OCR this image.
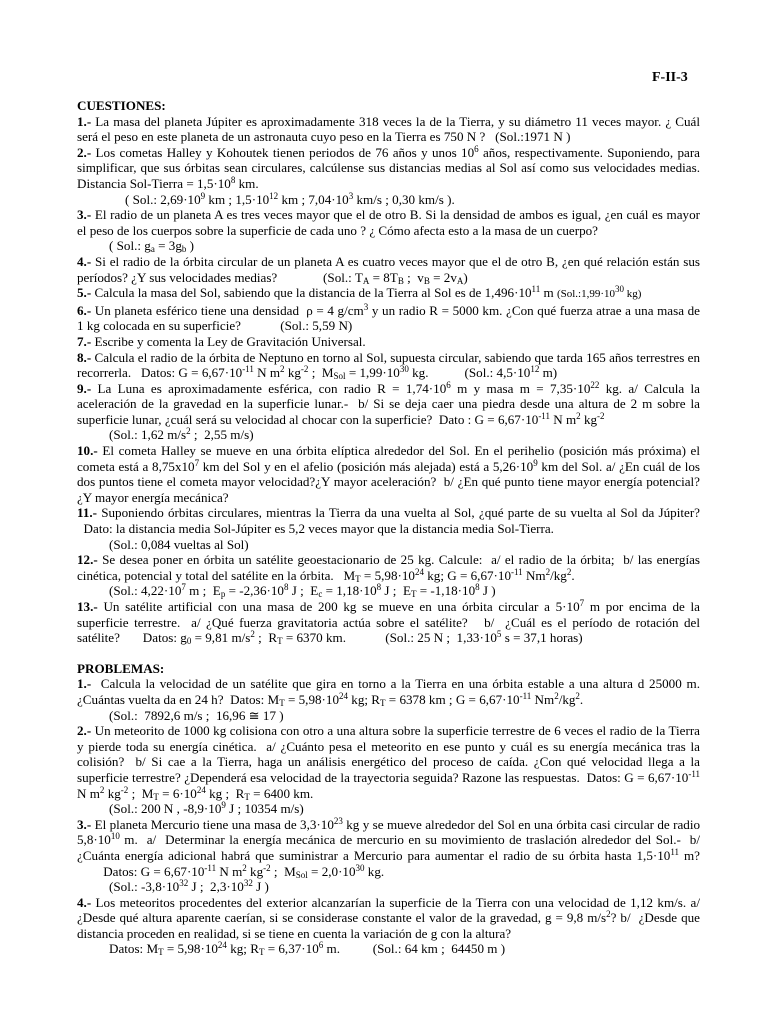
F-II-3
CUESTIONES:
1.- La masa del planeta Júpiter es aproximadamente 318 veces la de la Tierra, y su diámetro 11 veces mayor. ¿ Cuál será el peso en este planeta de un astronauta cuyo peso en la Tierra es 750 N ?   (Sol.:1971 N )
2.- Los cometas Halley y Kohoutek tienen periodos de 76 años y unos $10^6$ años, respectivamente. Suponiendo, para simplificar, que sus órbitas sean circulares, calcúlense sus distancias medias al Sol así como sus velocidades medias. Distancia Sol-Tierra = $1,5\cdot 10^8$ km.
( Sol.: $2,69\cdot 10^9$ km ; $1,5\cdot 10^{12}$ km ; $7,04\cdot 10^3$ km/s ; 0,30 km/s ).
3.- El radio de un planeta A es tres veces mayor que el de otro B. Si la densidad de ambos es igual, ¿en cuál es mayor el peso de los cuerpos sobre la superficie de cada uno ? ¿ Cómo afecta esto a la masa de un cuerpo?
( Sol.: $g_a = 3g_b$ )
4.- Si el radio de la órbita circular de un planeta A es cuatro veces mayor que el de otro B, ¿en qué relación están sus períodos? ¿Y sus velocidades medias?              (Sol.: $T_A = 8T_B$ ;  $v_B = 2v_A$)
5.- Calcula la masa del Sol, sabiendo que la distancia de la Tierra al Sol es de $1,496\cdot 10^{11}$ m ($Sol.:1,99\cdot 10^{30}$ kg)
6.- Un planeta esférico tiene una densidad  ρ = 4 $g/cm^3$ y un radio R = 5000 km. ¿Con qué fuerza atrae a una masa de 1 kg colocada en su superficie?            (Sol.: 5,59 N)
7.- Escribe y comenta la Ley de Gravitación Universal.
8.- Calcula el radio de la órbita de Neptuno en torno al Sol, supuesta circular, sabiendo que tarda 165 años terrestres en recorrerla.   Datos: $G = 6,67\cdot 10^{-11}$ N $m^2$ $kg^{-2}$ ;  $M_{Sol} = 1,99\cdot 10^{30}$ kg.           (Sol.: $4,5\cdot 10^{12}$ m)
9.- La Luna es aproximadamente esférica, con radio $R = 1,74\cdot 10^6$ m y masa $m = 7,35\cdot 10^{22}$ kg. a/ Calcula la aceleración de la gravedad en la superficie lunar.-  b/ Si se deja caer una piedra desde una altura de 2 m sobre la superficie lunar, ¿cuál será su velocidad al chocar con la superficie?  Dato : $G = 6,67\cdot 10^{-11}$ N $m^2$ $kg^{-2}$
(Sol.: 1,62 $m/s^2$ ;  2,55 m/s)
10.- El cometa Halley se mueve en una órbita elíptica alrededor del Sol. En el perihelio (posición más próxima) el cometa está a $8,75x10^7$ km del Sol y en el afelio (posición más alejada) está a $5,26\cdot 10^9$ km del Sol. a/ ¿En cuál de los dos puntos tiene el cometa mayor velocidad?¿Y mayor aceleración?  b/ ¿En qué punto tiene mayor energía potencial? ¿Y mayor energía mecánica?
11.- Suponiendo órbitas circulares, mientras la Tierra da una vuelta al Sol, ¿qué parte de su vuelta al Sol da Júpiter?   Dato: la distancia media Sol-Júpiter es 5,2 veces mayor que la distancia media Sol-Tierra.
(Sol.: 0,084 vueltas al Sol)
12.- Se desea poner en órbita un satélite geoestacionario de 25 kg. Calcule:  a/ el radio de la órbita;  b/ las energías cinética, potencial y total del satélite en la órbita.   $M_T = 5,98\cdot 10^{24}$ kg; $G = 6,67\cdot 10^{-11}$ $Nm^2/kg^2$.
(Sol.: $4,22\cdot 10^7$ m ;  $E_p = -2,36\cdot 10^8$ J ;  $E_c = 1,18\cdot 10^8$ J ;  $E_T = -1,18\cdot 10^8$ J )
13.- Un satélite artificial con una masa de 200 kg se mueve en una órbita circular a $5\cdot 10^7$ m por encima de la superficie terrestre.  a/ ¿Qué fuerza gravitatoria actúa sobre el satélite?   b/  ¿Cuál es el período de rotación del satélite?       Datos: $g_0 = 9,81$ $m/s^2$ ;  $R_T = 6370$ km.            (Sol.: 25 N ;  $1,33\cdot 10^5$ s = 37,1 horas)
PROBLEMAS:
1.-  Calcula la velocidad de un satélite que gira en torno a la Tierra en una órbita estable a una altura d 25000 m. ¿Cuántas vuelta da en 24 h?  Datos: $M_T = 5,98\cdot 10^{24}$ kg; $R_T = 6378$ km ; $G = 6,67\cdot 10^{-11}$ $Nm^2/kg^2$.
(Sol.:  7892,6 m/s ;  16,96 ≅ 17 )
2.- Un meteorito de 1000 kg colisiona con otro a una altura sobre la superficie terrestre de 6 veces el radio de la Tierra y pierde toda su energía cinética.  a/ ¿Cuánto pesa el meteorito en ese punto y cuál es su energía mecánica tras la colisión?  b/ Si cae a la Tierra, haga un análisis energético del proceso de caída. ¿Con qué velocidad llega a la superficie terrestre? ¿Dependerá esa velocidad de la trayectoria seguida? Razone las respuestas.  Datos: $G = 6,67\cdot 10^{-11}$ N $m^2$ $kg^{-2}$ ;  $M_T = 6\cdot 10^{24}$ kg ;  $R_T = 6400$ km.
(Sol.: 200 N , $-8,9\cdot 10^9$ J ; 10354 m/s)
3.- El planeta Mercurio tiene una masa de $3,3\cdot 10^{23}$ kg y se mueve alrededor del Sol en una órbita casi circular de radio $5,8\cdot 10^{10}$ m.  a/  Determinar la energía mecánica de mercurio en su movimiento de traslación alrededor del Sol.-  b/ ¿Cuánta energía adicional habrá que suministrar a Mercurio para aumentar el radio de su órbita hasta $1,5\cdot 10^{11}$ m?         Datos: $G = 6,67\cdot 10^{-11}$ N $m^2$ $kg^{-2}$ ;  $M_{Sol} = 2,0\cdot 10^{30}$ kg.
(Sol.: $-3,8\cdot 10^{32}$ J ;  $2,3\cdot 10^{32}$ J )
4.- Los meteoritos procedentes del exterior alcanzarían la superficie de la Tierra con una velocidad de 1,12 km/s. a/ ¿Desde qué altura aparente caerían, si se considerase constante el valor de la gravedad, g = 9,8 $m/s^2$? b/  ¿Desde que distancia proceden en realidad, si se tiene en cuenta la variación de g con la altura?
Datos: $M_T = 5,98\cdot 10^{24}$ kg; $R_T = 6,37\cdot 10^6$ m.          (Sol.: 64 km ;  64450 m )
